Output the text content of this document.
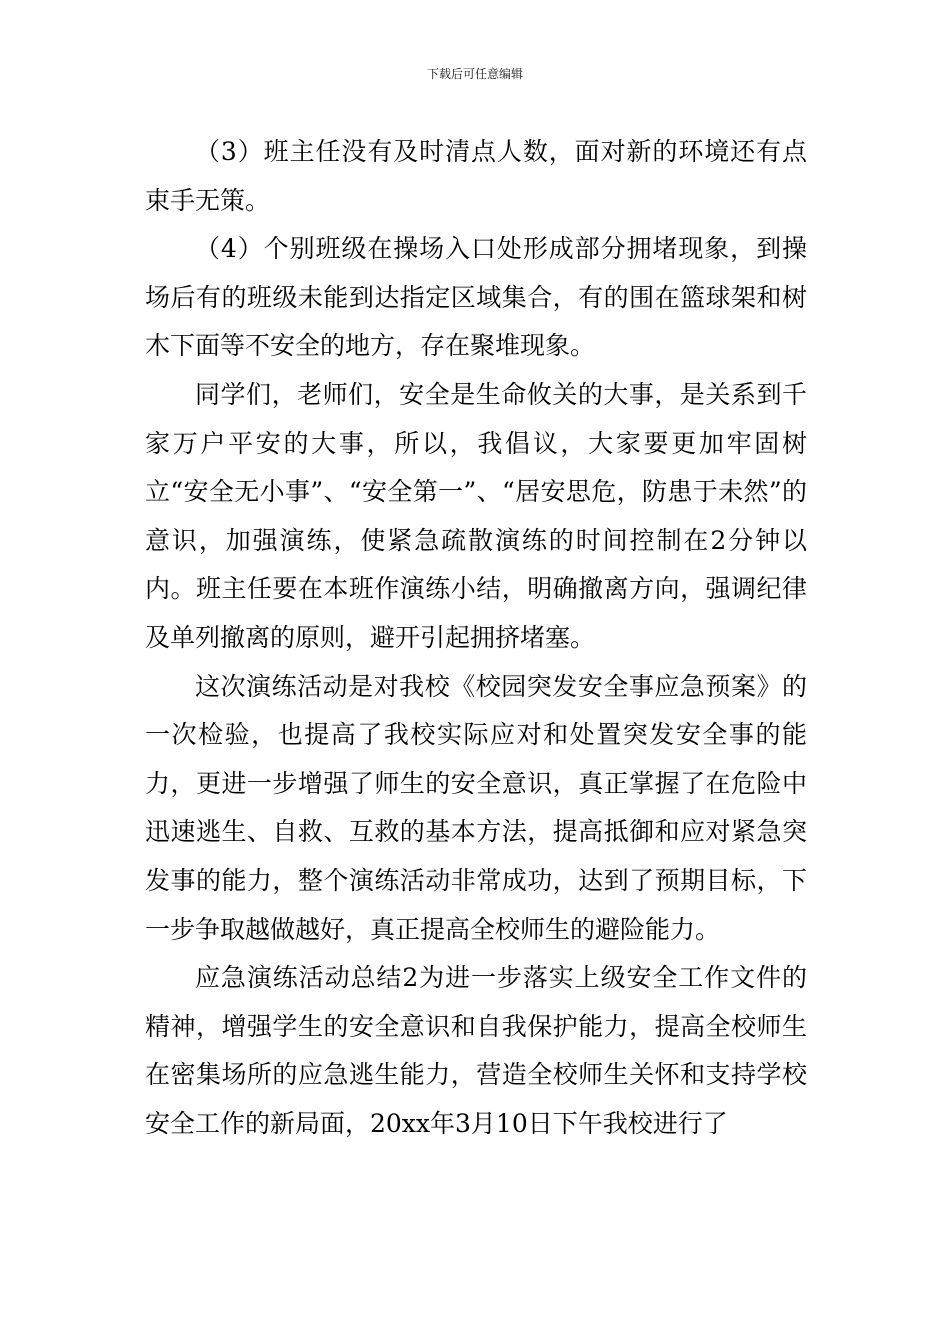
下载后可任意编辑

（3）班主任没有及时清点人数，面对新的环境还有点束手无策。

（4）个别班级在操场入口处形成部分拥堵现象，到操场后有的班级未能到达指定区域集合，有的围在篮球架和树木下面等不安全的地方，存在聚堆现象。

同学们，老师们，安全是生命攸关的大事，是关系到千家万户平安的大事，所以，我倡议，大家要更加牢固树立“安全无小事”、“安全第一”、“居安思危，防患于未然”的意识，加强演练，使紧急疏散演练的时间控制在2分钟以内。班主任要在本班作演练小结，明确撤离方向，强调纪律及单列撤离的原则，避开引起拥挤堵塞。

这次演练活动是对我校《校园突发安全事应急预案》的一次检验，也提高了我校实际应对和处置突发安全事的能力，更进一步增强了师生的安全意识，真正掌握了在危险中迅速逃生、自救、互救的基本方法，提高抵御和应对紧急突发事的能力，整个演练活动非常成功，达到了预期目标，下一步争取越做越好，真正提高全校师生的避险能力。

应急演练活动总结2为进一步落实上级安全工作文件的精神，增强学生的安全意识和自我保护能力，提高全校师生在密集场所的应急逃生能力，营造全校师生关怀和支持学校安全工作的新局面，20xx年3月10日下午我校进行了
